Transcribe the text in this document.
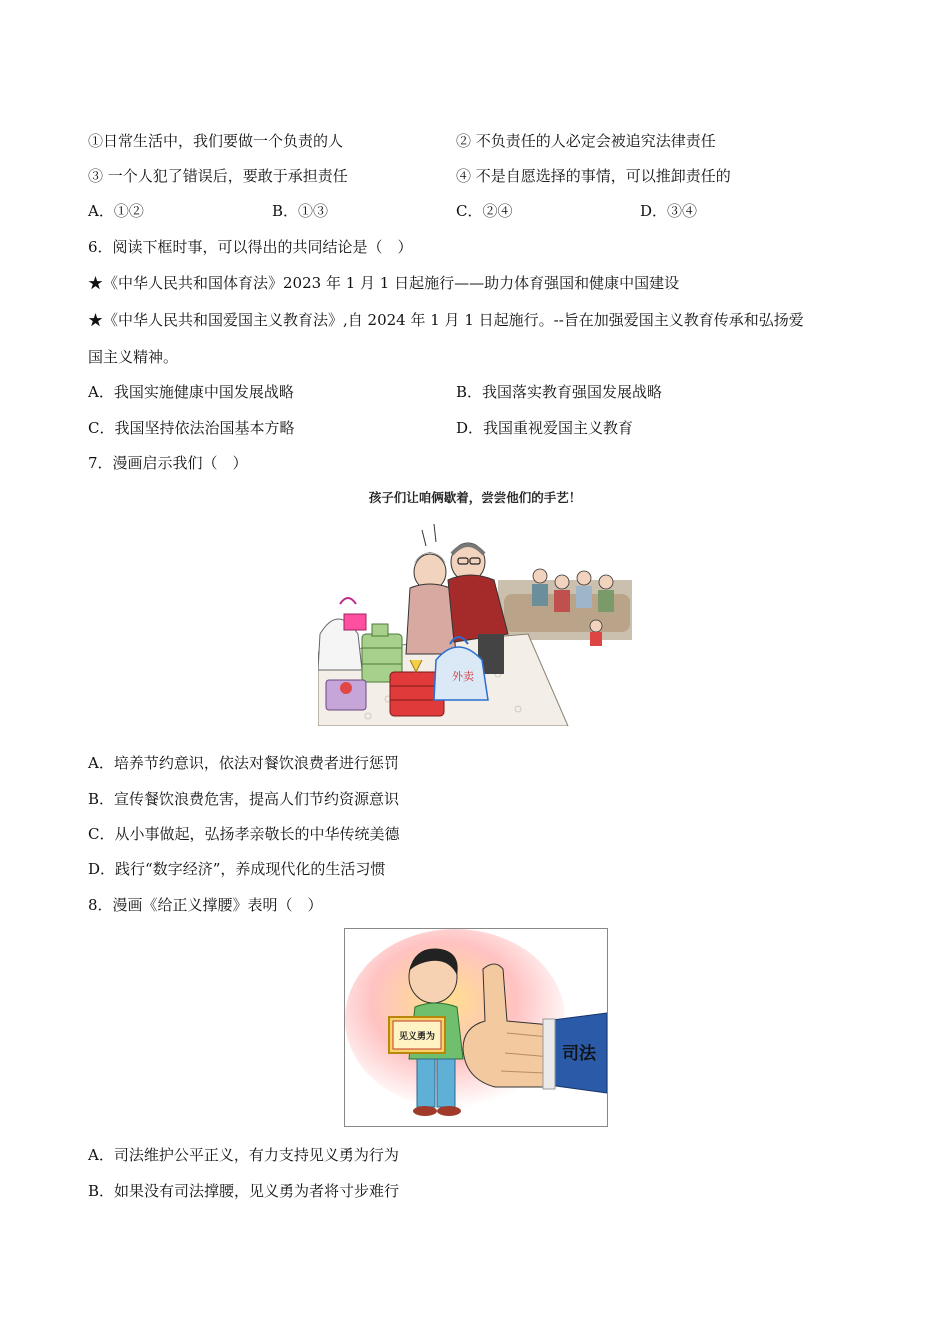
①日常生活中，我们要做一个负责的人	② 不负责任的人必定会被追究法律责任
③ 一个人犯了错误后，要敢于承担责任	④ 不是自愿选择的事情，可以推卸责任的
A．①②	B．①③	C．②④	D．③④
6．阅读下框时事，可以得出的共同结论是（　）
★《中华人民共和国体育法》2023 年 1 月 1 日起施行——助力体育强国和健康中国建设
★《中华人民共和国爱国主义教育法》,自 2024 年 1 月 1 日起施行。--旨在加强爱国主义教育传承和弘扬爱
国主义精神。
A．我国实施健康中国发展战略	B．我国落实教育强国发展战略
C．我国坚持依法治国基本方略	D．我国重视爱国主义教育
7．漫画启示我们（　）
孩子们让咱俩歇着，尝尝他们的手艺！
外卖
A．培养节约意识，依法对餐饮浪费者进行惩罚
B．宣传餐饮浪费危害，提高人们节约资源意识
C．从小事做起，弘扬孝亲敬长的中华传统美德
D．践行“数字经济”，养成现代化的生活习惯
8．漫画《给正义撑腰》表明（　）
见义勇为
司法
A．司法维护公平正义，有力支持见义勇为行为
B．如果没有司法撑腰，见义勇为者将寸步难行
